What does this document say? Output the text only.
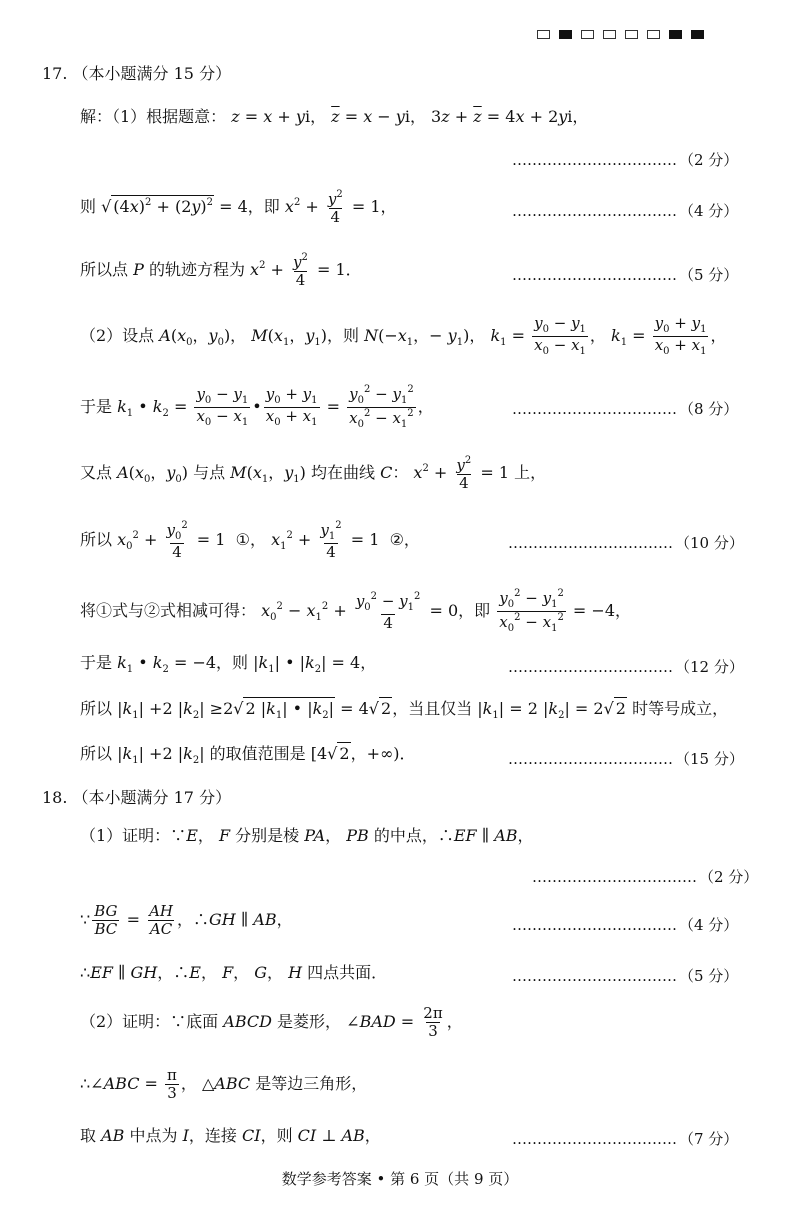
17. （本小题满分 15 分）
解：（1）根据题意： z = x + yi， $\overline{z} = x$ − yi， $3z + \overline{z} = 4x + 2yi$，
…………………………… （2 分）
则 √ $(4x)^2 + (2y)^2 = 4$，即 $x^2 + \frac{y^2}{4} = 1$，	…………………………… （4 分）
所以点 P 的轨迹方程为 $x^2 + \frac{y^2}{4} = 1$．	…………………………… （5 分）
（2）设点 $A(x_0$，$y_0$)， $M(x_1$，$y_1$)，则 $N(-x_1$，− $y_1$)， $k_1 = \frac{y_0 - y_1}{x_0 - x_1}$ ， $k_1 = \frac{y_0 + y_1}{x_0 + x_1}$ ，
于是 $k_1$ • $k_2 = \frac{y_0 - y_1}{x_0 - x_1}$ • $\frac{y_0 + y_1}{x_0 + x_1} = \frac{y_0^2 - y_1^2}{x_0^2 - x_1^2}$ ，	…………………………… （8 分）
又点 $A(x_0$，$y_0$) 与点 $M(x_1$，$y_1$) 均在曲线 C： $x^2 + \frac{y^2}{4} = 1$ 上，
所以 $x_0^2 + \frac{y_0^2}{4} = 1$  ①， $x_1^2 + \frac{y_1^2}{4} = 1$  ②，	…………………………… （10 分）
将①式与②式相减可得： $x_0^2 - x_1^2 + \frac{y_0^2 - y_1^2}{4} = 0$，即 $\frac{y_0^2 - y_1^2}{x_0^2 - x_1^2} = -4$，
于是 $k_1$ • $k_2 = -4$，则 $|k_1|$ • $|k_2| = 4$，	…………………………… （12 分）
所以 $|k_1| +2$ $|k_2| \ge 2√$ 2 $|k_1|$ • $|k_2| = 4√$ 2，当且仅当 $|k_1| = 2$ $|k_2| = 2√$ 2 时等号成立，
所以 $|k_1| +2$ $|k_2|$ 的取值范围是 [4√ 2，+∞)．	…………………………… （15 分）
18. （本小题满分 17 分）
（1）证明：∵E， F 分别是棱 PA， PB 的中点，∴EF ∥ AB，
…………………………… （2 分）
∵ $\frac{BG}{BC} = \frac{AH}{AC}$ ，∴GH ∥ AB，	…………………………… （4 分）
∴EF ∥ GH，∴E， F， G， H 四点共面．	…………………………… （5 分）
（2）证明：∵底面 ABCD 是菱形， ∠BAD = $\frac{2\pi}{3}$ ，
∴∠ABC = $\frac{\pi}{3}$ ， △ABC 是等边三角形，
取 AB 中点为 I，连接 CI，则 CI ⊥ AB，	…………………………… （7 分）
数学参考答案 • 第 6 页（共 9 页）
